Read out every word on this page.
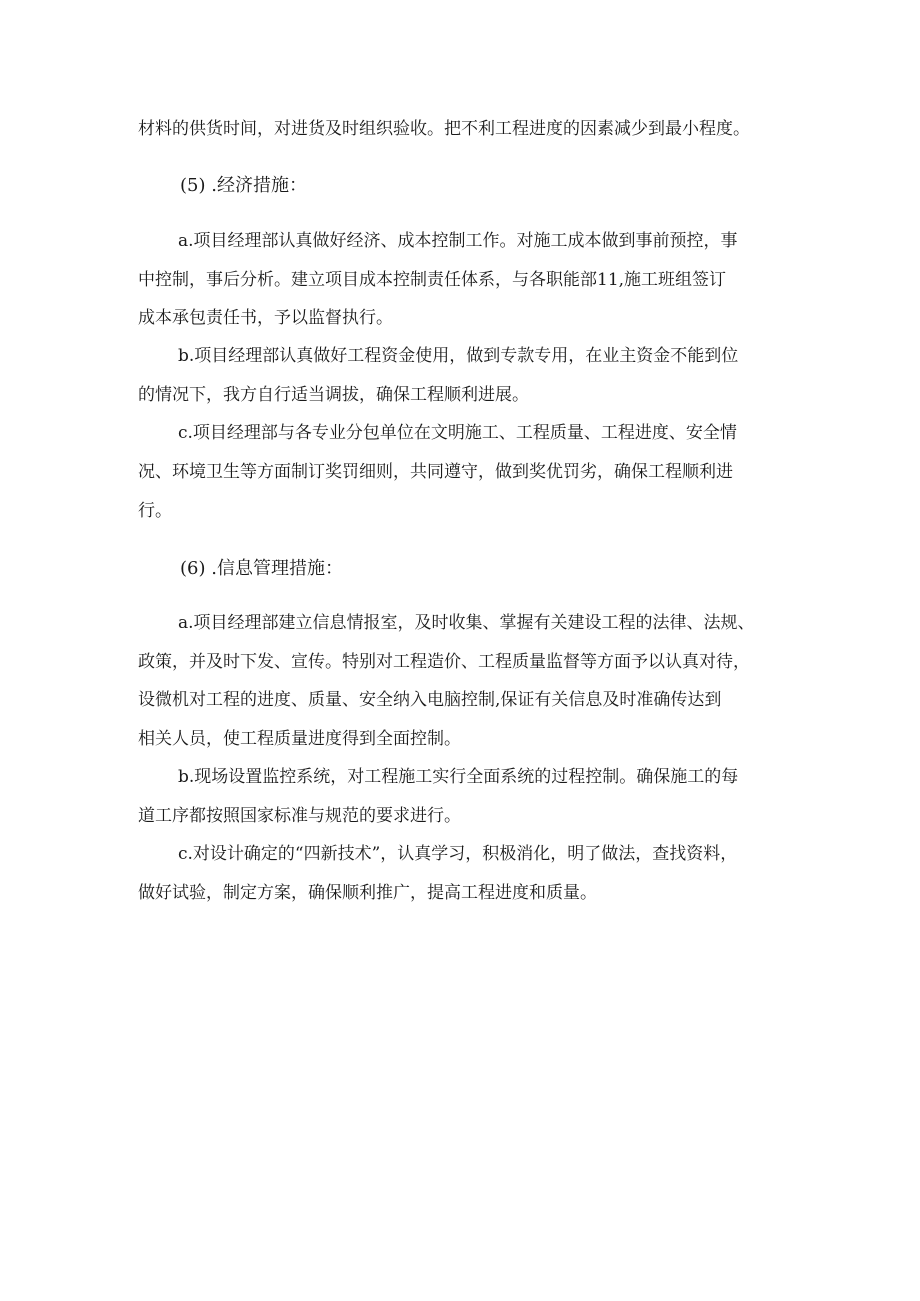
材料的供货时间，对进货及时组织验收。把不利工程进度的因素减少到最小程度。
(5) .经济措施：
a.项目经理部认真做好经济、成本控制工作。对施工成本做到事前预控，事
中控制，事后分析。建立项目成本控制责任体系，与各职能部11,施工班组签订
成本承包责任书，予以监督执行。
b.项目经理部认真做好工程资金使用，做到专款专用，在业主资金不能到位
的情况下，我方自行适当调拔，确保工程顺利进展。
c.项目经理部与各专业分包单位在文明施工、工程质量、工程进度、安全情
况、环境卫生等方面制订奖罚细则，共同遵守，做到奖优罚劣，确保工程顺利进
行。
(6) .信息管理措施：
a.项目经理部建立信息情报室，及时收集、掌握有关建设工程的法律、法规、
政策，并及时下发、宣传。特别对工程造价、工程质量监督等方面予以认真对待，
设微机对工程的进度、质量、安全纳入电脑控制,保证有关信息及时准确传达到
相关人员，使工程质量进度得到全面控制。
b.现场设置监控系统，对工程施工实行全面系统的过程控制。确保施工的每
道工序都按照国家标准与规范的要求进行。
c.对设计确定的“四新技术”，认真学习，积极消化，明了做法，查找资料，
做好试验，制定方案，确保顺利推广，提高工程进度和质量。
